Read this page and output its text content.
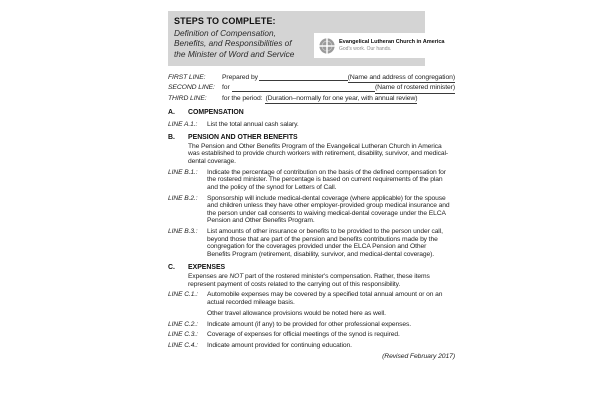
STEPS TO COMPLETE:
Definition of Compensation,
Benefits, and Responsibilities of
the Minister of Word and Service
Evangelical Lutheran Church in America
God's work. Our hands.
FIRST LINE:	Prepared by	(Name and address of congregation)
SECOND LINE:	for	(Name of rostered minister)
THIRD LINE:	for the period: (Duration–normally for one year, with annual review)
A.	COMPENSATION
LINE A.1.:	List the total annual cash salary.

B.	PENSION AND OTHER BENEFITS

The Pension and Other Benefits Program of the Evangelical Lutheran Church in America was established to provide church workers with retirement, disability, survivor, and medical-dental coverage.

LINE B.1.:	Indicate the percentage of contribution on the basis of the defined compensation for the rostered minister. The percentage is based on current requirements of the plan and the policy of the synod for Letters of Call.

LINE B.2.:	Sponsorship will include medical-dental coverage (where applicable) for the spouse and children unless they have other employer-provided group medical insurance and the person under call consents to waiving medical-dental coverage under the ELCA Pension and Other Benefits Program.

LINE B.3.:	List amounts of other insurance or benefits to be provided to the person under call, beyond those that are part of the pension and benefits contributions made by the congregation for the coverages provided under the ELCA Pension and Other Benefits Program (retirement, disability, survivor, and medical-dental coverage).

C.	EXPENSES

Expenses are NOT part of the rostered minister's compensation. Rather, these items represent payment of costs related to the carrying out of this responsibility.

LINE C.1.:	Automobile expenses may be covered by a specified total annual amount or on an actual recorded mileage basis.

Other travel allowance provisions would be noted here as well.

LINE C.2.:	Indicate amount (if any) to be provided for other professional expenses.

LINE C.3.:	Coverage of expenses for official meetings of the synod is required.

LINE C.4.:	Indicate amount provided for continuing education.

(Revised February 2017)
